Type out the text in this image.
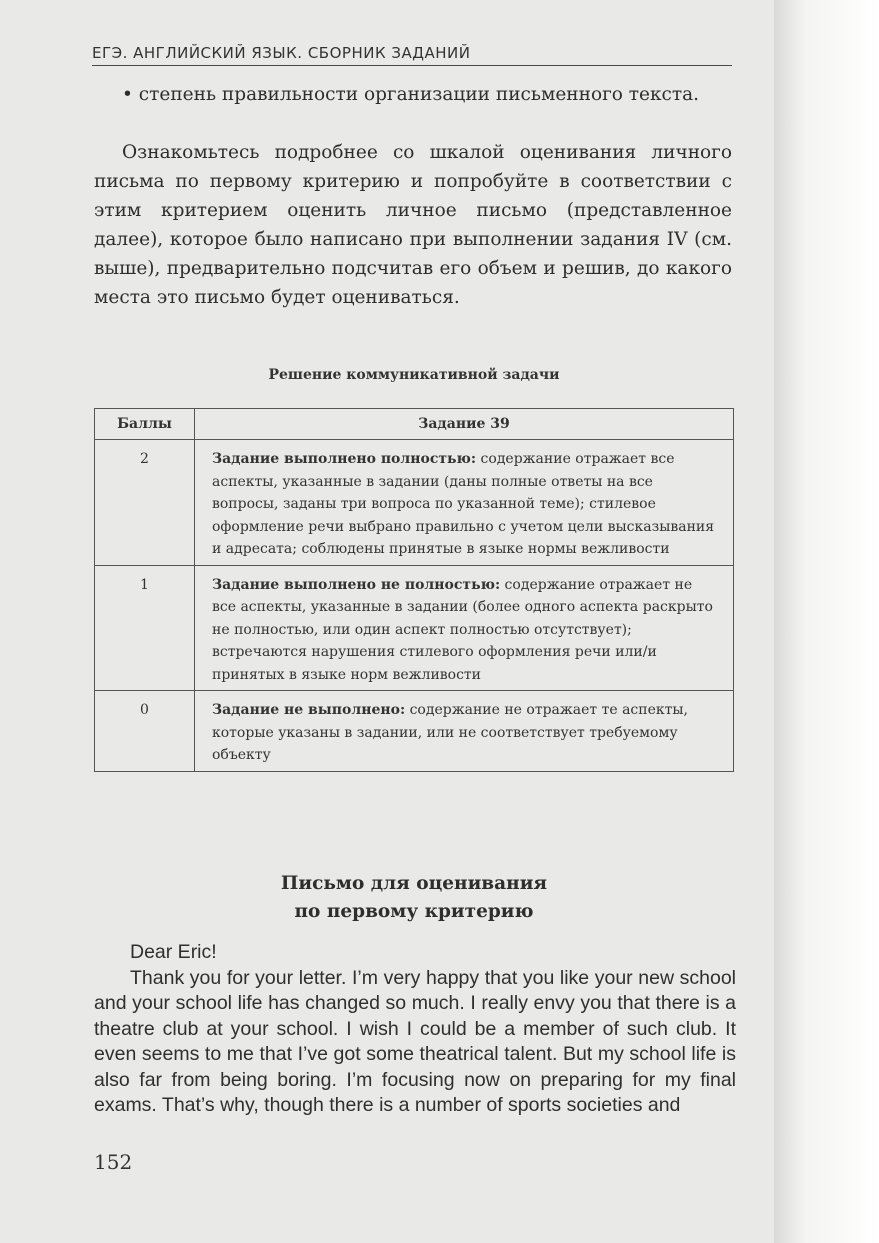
ЕГЭ. АНГЛИЙСКИЙ ЯЗЫК. СБОРНИК ЗАДАНИЙ

• степень правильности организации письменного текста.

Ознакомьтесь подробнее со шкалой оценивания личного письма по первому критерию и попробуйте в соответствии с этим критерием оценить личное письмо (представленное далее), которое было написано при выполнении задания IV (см. выше), предварительно подсчитав его объем и решив, до какого места это письмо будет оцениваться.

Решение коммуникативной задачи
Баллы	Задание 39
2	Задание выполнено полностью: содержание отражает все аспекты, указанные в задании (даны полные ответы на все вопросы, заданы три вопроса по указанной теме); стилевое оформление речи выбрано правильно с учетом цели высказывания и адресата; соблюдены принятые в языке нормы вежливости
1	Задание выполнено не полностью: содержание отражает не все аспекты, указанные в задании (более одного аспекта раскрыто не полностью, или один аспект полностью отсутствует); встречаются нарушения стилевого оформления речи или/и принятых в языке норм вежливости
0	Задание не выполнено: содержание не отражает те аспекты, которые указаны в задании, или не соответствует требуемому объекту
Письмо для оценивания
по первому критерию

Dear Eric!

Thank you for your letter. I’m very happy that you like your new school and your school life has changed so much. I really envy you that there is a theatre club at your school. I wish I could be a member of such club. It even seems to me that I’ve got some theatrical talent. But my school life is also far from being boring. I’m focusing now on preparing for my final exams. That’s why, though there is a number of sports societies and

152
